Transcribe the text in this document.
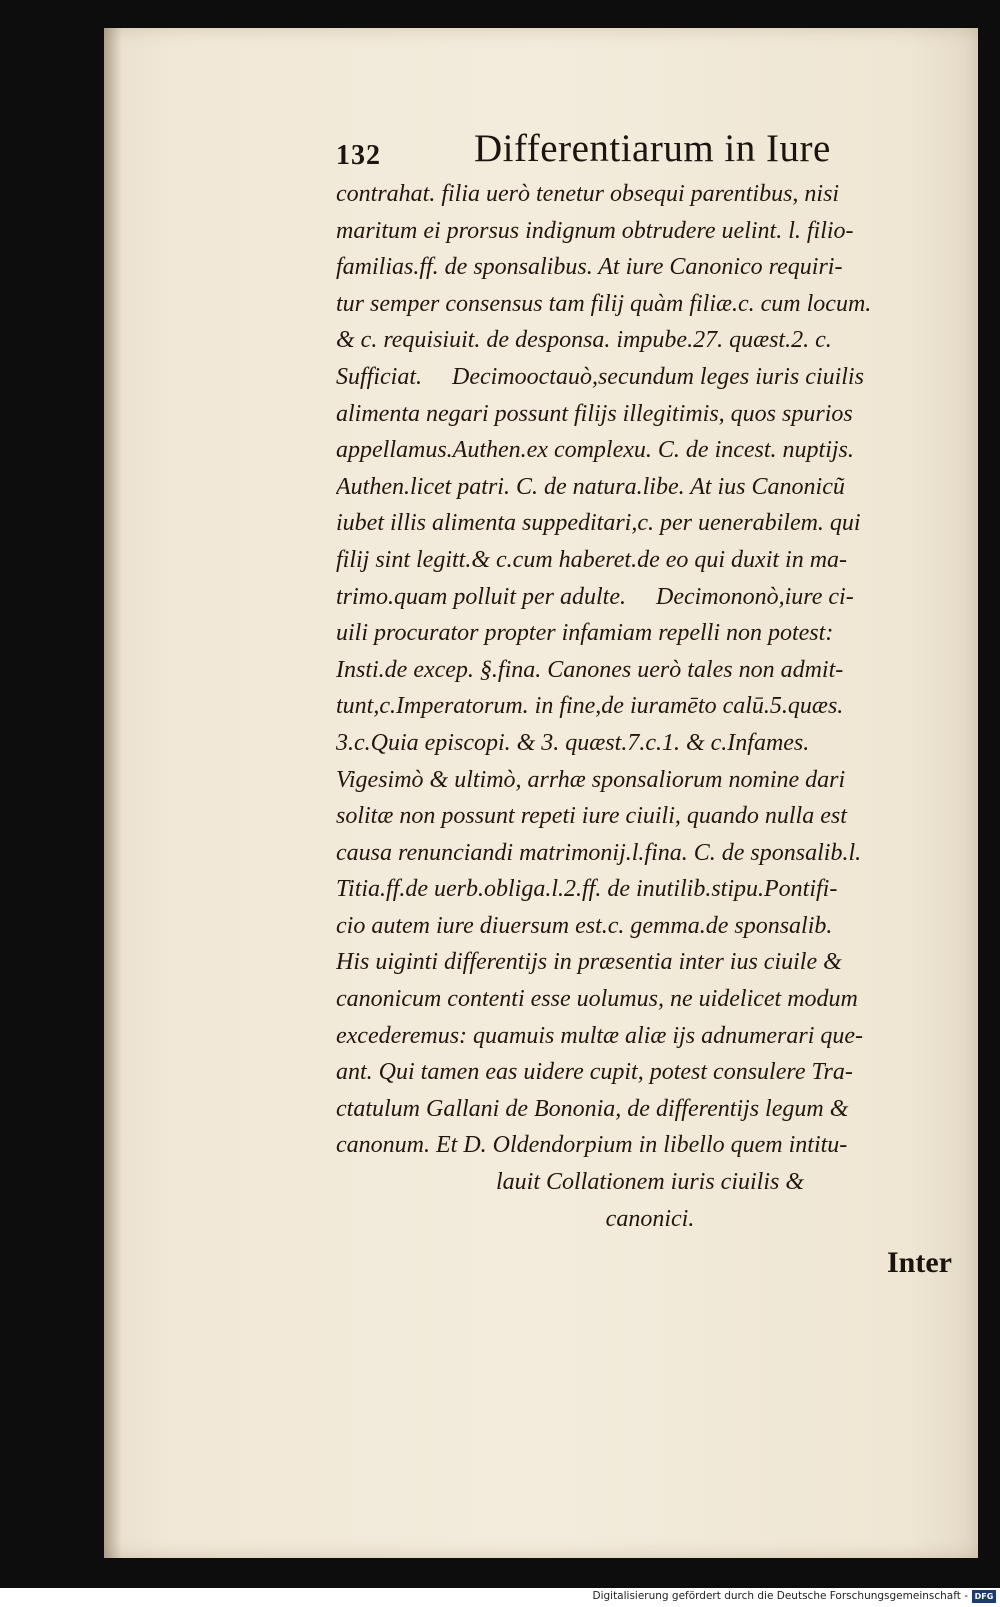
132 Differentiarum in Iure
contrahat. filia uerò tenetur obsequi parentibus, nisi
maritum ei prorsus indignum obtrudere uelint. l. filio-
familias.ff. de sponsalibus. At iure Canonico requiri-
tur semper consensus tam filij quàm filiæ.c. cum locum.
& c. requisiuit. de desponsa. impube.27. quæst.2. c.
Sufficiat.     Decimooctauò,secundum leges iuris ciuilis
alimenta negari possunt filijs illegitimis, quos spurios
appellamus.Authen.ex complexu. C. de incest. nuptijs.
Authen.licet patri. C. de natura.libe. At ius Canonicũ
iubet illis alimenta suppeditari,c. per uenerabilem. qui
filij sint legitt.& c.cum haberet.de eo qui duxit in ma-
trimo.quam polluit per adulte.     Decimononò,iure ci-
uili procurator propter infamiam repelli non potest:
Insti.de excep. §.fina. Canones uerò tales non admit-
tunt,c.Imperatorum. in fine,de iuramēto calū.5.quæs.
3.c.Quia episcopi. & 3. quæst.7.c.1. & c.Infames.
Vigesimò & ultimò, arrhæ sponsaliorum nomine dari
solitæ non possunt repeti iure ciuili, quando nulla est
causa renunciandi matrimonij.l.fina. C. de sponsalib.l.
Titia.ff.de uerb.obliga.l.2.ff. de inutilib.stipu.Pontifi-
cio autem iure diuersum est.c. gemma.de sponsalib.
His uiginti differentijs in præsentia inter ius ciuile &
canonicum contenti esse uolumus, ne uidelicet modum
excederemus: quamuis multæ aliæ ijs adnumerari que-
ant. Qui tamen eas uidere cupit, potest consulere Tra-
ctatulum Gallani de Bononia, de differentijs legum &
canonum. Et D. Oldendorpium in libello quem intitu-
lauit Collationem iuris ciuilis &
canonici.
Inter
Digitalisierung gefördert durch die Deutsche Forschungsgemeinschaft - DFG
